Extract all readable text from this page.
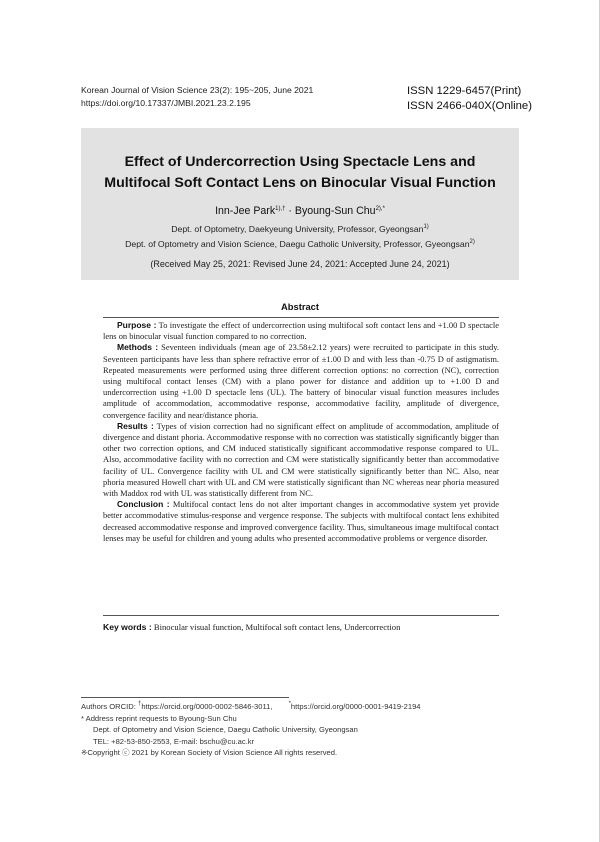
Korean Journal of Vision Science 23(2): 195~205, June 2021
https://doi.org/10.17337/JMBI.2021.23.2.195
ISSN 1229-6457(Print)
ISSN 2466-040X(Online)
Effect of Undercorrection Using Spectacle Lens and
Multifocal Soft Contact Lens on Binocular Visual Function
Inn-Jee Park$^{1),\dagger}$ · Byoung-Sun Chu$^{2),*}$
Dept. of Optometry, Daekyeung University, Professor, Gyeongsan$^{1)}$
Dept. of Optometry and Vision Science, Daegu Catholic University, Professor, Gyeongsan$^{2)}$
(Received May 25, 2021: Revised June 24, 2021: Accepted June 24, 2021)
Abstract

Purpose : To investigate the effect of undercorrection using multifocal soft contact lens and +1.00 D spectacle lens on binocular visual function compared to no correction.

Methods : Seventeen individuals (mean age of 23.58±2.12 years) were recruited to participate in this study. Seventeen participants have less than sphere refractive error of ±1.00 D and with less than -0.75 D of astigmatism. Repeated measurements were performed using three different correction options: no correction (NC), correction using multifocal contact lenses (CM) with a plano power for distance and addition up to +1.00 D and undercorrection using +1.00 D spectacle lens (UL). The battery of binocular visual function measures includes amplitude of accommodation, accommodative response, accommodative facility, amplitude of divergence, convergence facility and near/distance phoria.

Results : Types of vision correction had no significant effect on amplitude of accommodation, amplitude of divergence and distant phoria. Accommodative response with no correction was statistically significantly bigger than other two correction options, and CM induced statistically significant accommodative response compared to UL. Also, accommodative facility with no correction and CM were statistically significantly better than accommodative facility of UL. Convergence facility with UL and CM were statistically significantly better than NC. Also, near phoria measured Howell chart with UL and CM were statistically significant than NC whereas near phoria measured with Maddox rod with UL was statistically different from NC.

Conclusion : Multifocal contact lens do not alter important changes in accommodative system yet provide better accommodative stimulus-response and vergence response. The subjects with multifocal contact lens exhibited decreased accommodative response and improved convergence facility. Thus, simultaneous image multifocal contact lenses may be useful for children and young adults who presented accommodative problems or vergence disorder.

Key words : Binocular visual function, Multifocal soft contact lens, Undercorrection
Authors ORCID: †https://orcid.org/0000-0002-5846-3011, *https://orcid.org/0000-0001-9419-2194
* Address reprint requests to Byoung-Sun Chu
Dept. of Optometry and Vision Science, Daegu Catholic University, Gyeongsan
TEL: +82-53-850-2553, E-mail: bschu@cu.ac.kr
※Copyright ⓒ 2021 by Korean Society of Vision Science All rights reserved.
